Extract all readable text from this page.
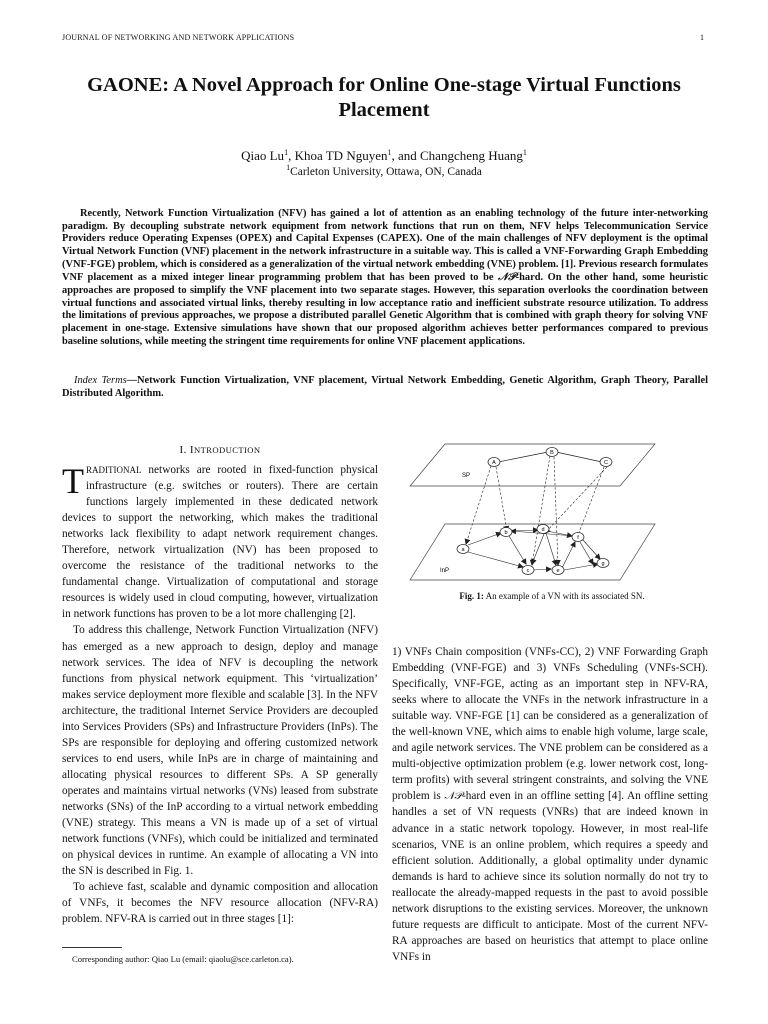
JOURNAL OF NETWORKING AND NETWORK APPLICATIONS	1
GAONE: A Novel Approach for Online One-stage Virtual Functions Placement
Qiao Lu$^1$, Khoa TD Nguyen$^1$, and Changcheng Huang$^1$
$^1$Carleton University, Ottawa, ON, Canada
Recently, Network Function Virtualization (NFV) has gained a lot of attention as an enabling technology of the future inter-networking paradigm. By decoupling substrate network equipment from network functions that run on them, NFV helps Telecommunication Service Providers reduce Operating Expenses (OPEX) and Capital Expenses (CAPEX). One of the main challenges of NFV deployment is the optimal Virtual Network Function (VNF) placement in the network infrastructure in a suitable way. This is called a VNF-Forwarding Graph Embedding (VNF-FGE) problem, which is considered as a generalization of the virtual network embedding (VNE) problem. [1]. Previous research formulates VNF placement as a mixed integer linear programming problem that has been proved to be 𝒩𝒫-hard. On the other hand, some heuristic approaches are proposed to simplify the VNF placement into two separate stages. However, this separation overlooks the coordination between virtual functions and associated virtual links, thereby resulting in low acceptance ratio and inefficient substrate resource utilization. To address the limitations of previous approaches, we propose a distributed parallel Genetic Algorithm that is combined with graph theory for solving VNF placement in one-stage. Extensive simulations have shown that our proposed algorithm achieves better performances compared to previous baseline solutions, while meeting the stringent time requirements for online VNF placement applications.
Index Terms—Network Function Virtualization, VNF placement, Virtual Network Embedding, Genetic Algorithm, Graph Theory, Parallel Distributed Algorithm.
I. INTRODUCTION

TRADITIONAL networks are rooted in fixed-function physical infrastructure (e.g. switches or routers). There are certain functions largely implemented in these dedicated network devices to support the networking, which makes the traditional networks lack flexibility to adapt network requirement changes. Therefore, network virtualization (NV) has been proposed to overcome the resistance of the traditional networks to the fundamental change. Virtualization of computational and storage resources is widely used in cloud computing, however, virtualization in network functions has proven to be a lot more challenging [2].

To address this challenge, Network Function Virtualization (NFV) has emerged as a new approach to design, deploy and manage network services. The idea of NFV is decoupling the network functions from physical network equipment. This ‘virtualization’ makes service deployment more flexible and scalable [3]. In the NFV architecture, the traditional Internet Service Providers are decoupled into Services Providers (SPs) and Infrastructure Providers (InPs). The SPs are responsible for deploying and offering customized network services to end users, while InPs are in charge of maintaining and allocating physical resources to different SPs. A SP generally operates and maintains virtual networks (VNs) leased from substrate networks (SNs) of the InP according to a virtual network embedding (VNE) strategy. This means a VN is made up of a set of virtual network functions (VNFs), which could be initialized and terminated on physical devices in runtime. An example of allocating a VN into the SN is described in Fig. 1.

To achieve fast, scalable and dynamic composition and allocation of VNFs, it becomes the NFV resource allocation (NFV-RA) problem. NFV-RA is carried out in three stages [1]:

Corresponding author: Qiao Lu (email: qiaolu@sce.carleton.ca).
SP
InP
A
B
C
a
b
c
d
e
f
g
Fig. 1: An example of a VN with its associated SN.
1) VNFs Chain composition (VNFs-CC), 2) VNF Forwarding Graph Embedding (VNF-FGE) and 3) VNFs Scheduling (VNFs-SCH). Specifically, VNF-FGE, acting as an important step in NFV-RA, seeks where to allocate the VNFs in the network infrastructure in a suitable way. VNF-FGE [1] can be considered as a generalization of the well-known VNE, which aims to enable high volume, large scale, and agile network services. The VNE problem can be considered as a multi-objective optimization problem (e.g. lower network cost, long-term profits) with several stringent constraints, and solving the VNE problem is 𝒩𝒫-hard even in an offline setting [4]. An offline setting handles a set of VN requests (VNRs) that are indeed known in advance in a static network topology. However, in most real-life scenarios, VNE is an online problem, which requires a speedy and efficient solution. Additionally, a global optimality under dynamic demands is hard to achieve since its solution normally do not try to reallocate the already-mapped requests in the past to avoid possible network disruptions to the existing services. Moreover, the unknown future requests are difficult to anticipate. Most of the current NFV-RA approaches are based on heuristics that attempt to place online VNFs in
